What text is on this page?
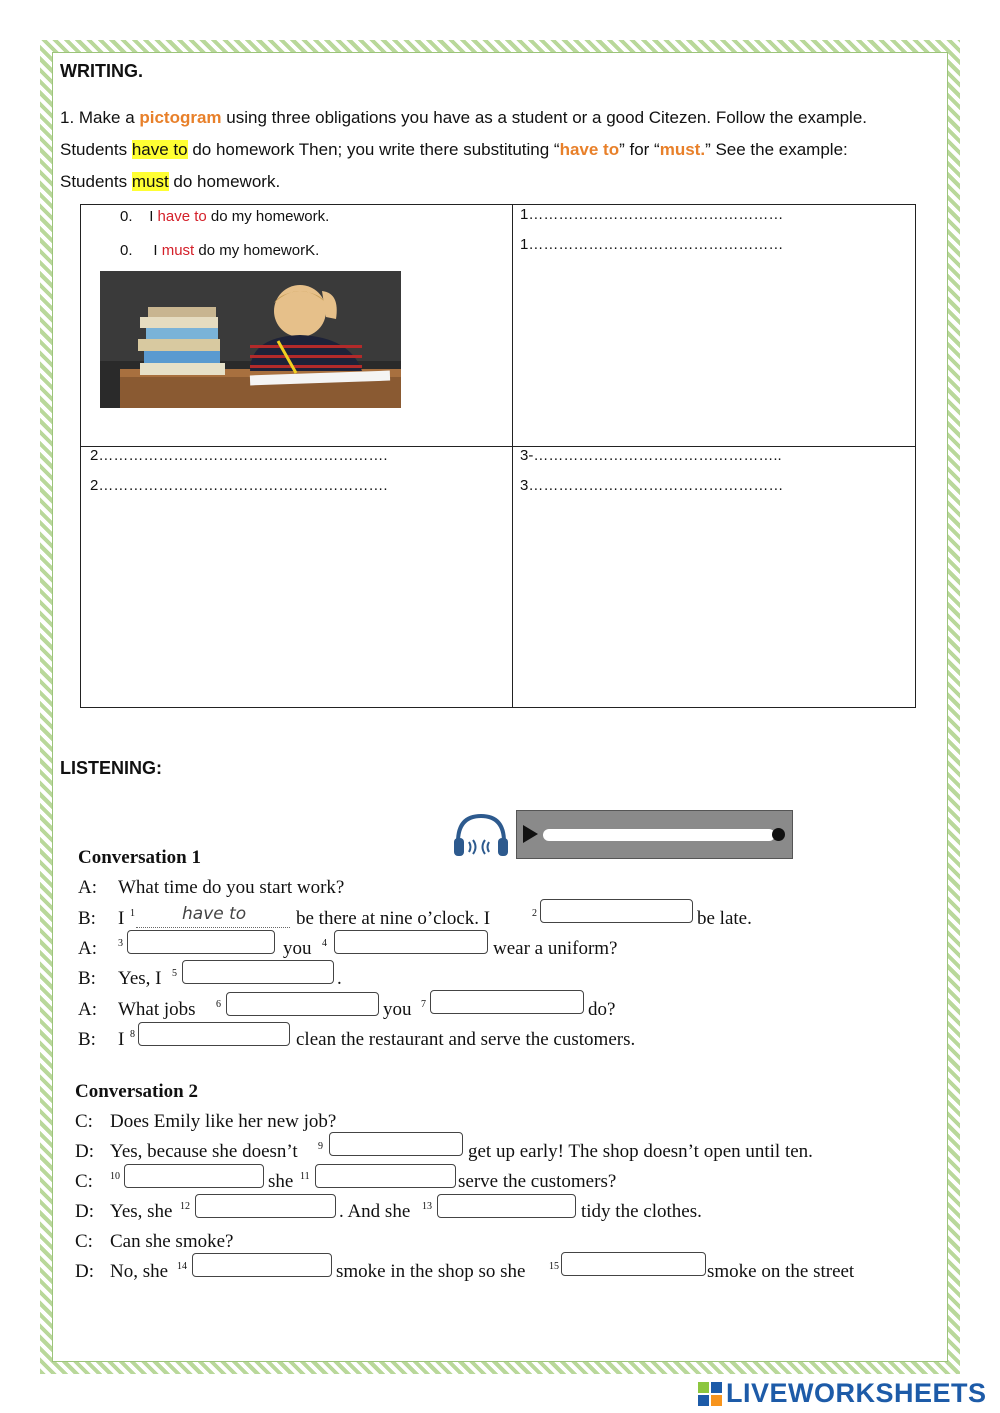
WRITING.
1. Make a pictogram using three obligations you have as a student or a good Citezen. Follow the example.
Students have to do homework Then; you write there substituting “have to” for “must.” See the example:
Students must do homework.
0. I have to do my homework.
0. I must do my homeworK.
1……………………………………………
1……………………………………………
2………………………………………………….
2………………………………………………….
3-…………………………………………..
3……………………………………………
LISTENING:
Conversation 1
A: What time do you start work?
B: I 1	have to	be there at nine o’clock. I	2	be late.
A: 3	you 4	wear a uniform?
B: Yes, I 5	.
A: What jobs 6	you 7	do?
B: I 8	clean the restaurant and serve the customers.
Conversation 2
C: Does Emily like her new job?
D: Yes, because she doesn’t 9	get up early! The shop doesn’t open until ten.
C: 10	she 11	serve the customers?
D: Yes, she 12	. And she 13	tidy the clothes.
C: Can she smoke?
D: No, she 14	smoke in the shop so she 15	smoke on the street
LIVEWORKSHEETS
